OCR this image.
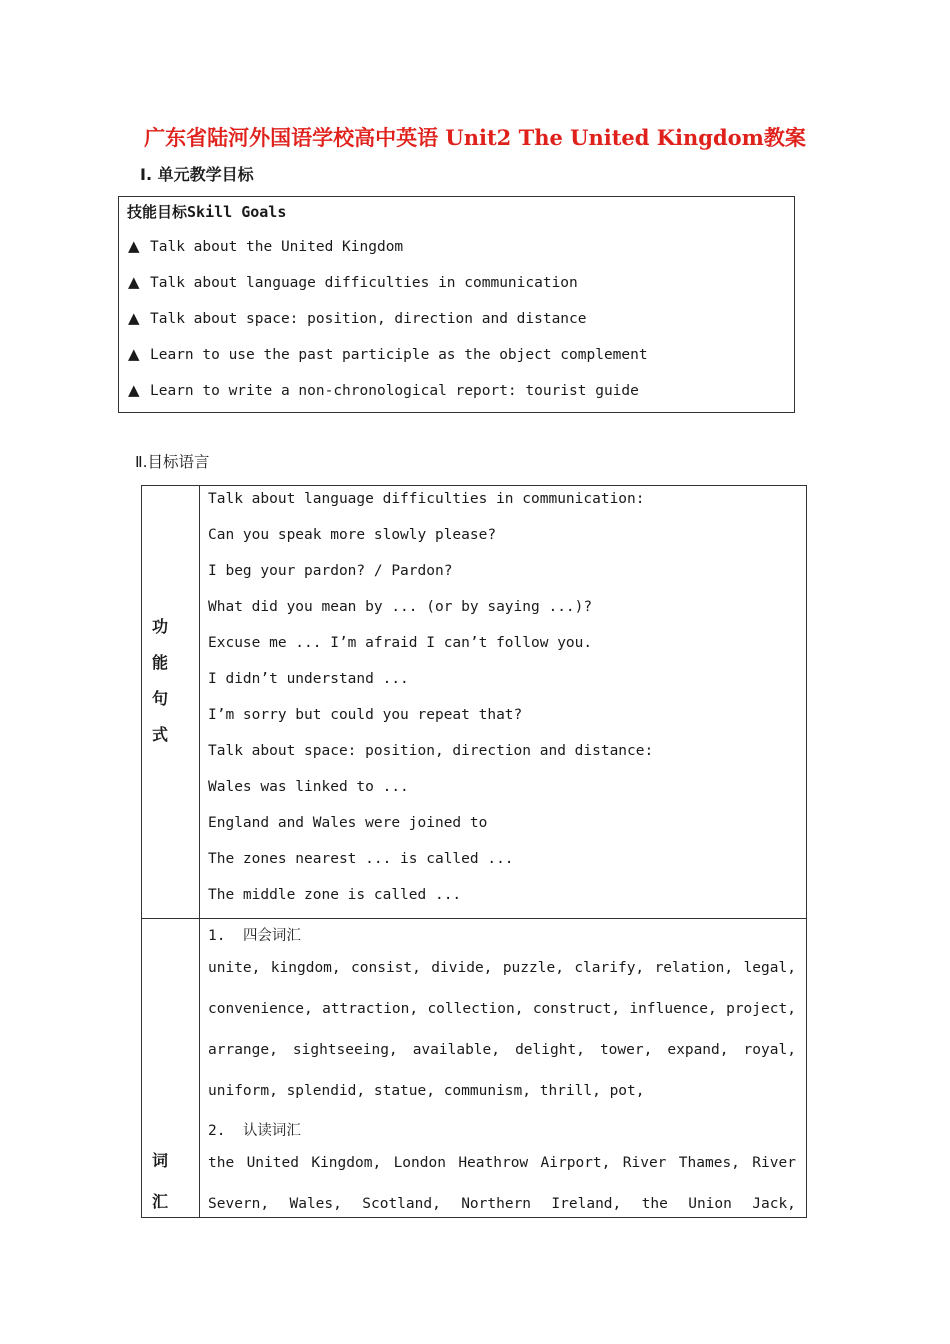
广东省陆河外国语学校高中英语 Unit2 The United Kingdom教案
Ⅰ. 单元教学目标
技能目标Skill Goals
▲ Talk about the United Kingdom
▲ Talk about language difficulties in communication
▲ Talk about space: position, direction and distance
▲ Learn to use the past participle as the object complement
▲ Learn to write a non-chronological report: tourist guide
Ⅱ.目标语言
功
能
句
式
Talk about language difficulties in communication:
Can you speak more slowly please?
I beg your pardon? / Pardon?
What did you mean by ... (or by saying ...)?
Excuse me ... I’m afraid I can’t follow you.
I didn’t understand ...
I’m sorry but could you repeat that?
Talk about space: position, direction and distance:
Wales was linked to ...
England and Wales were joined to
The zones nearest ... is called ...
The middle zone is called ...
词
汇
1. 四会词汇
unite, kingdom, consist, divide, puzzle, clarify, relation, legal,
convenience, attraction, collection, construct, influence, project,
arrange, sightseeing, available, delight, tower, expand, royal,
uniform, splendid, statue, communism, thrill, pot,
2. 认读词汇
the United Kingdom, London Heathrow Airport, River Thames, River
Severn, Wales, Scotland, Northern Ireland, the Union Jack,
